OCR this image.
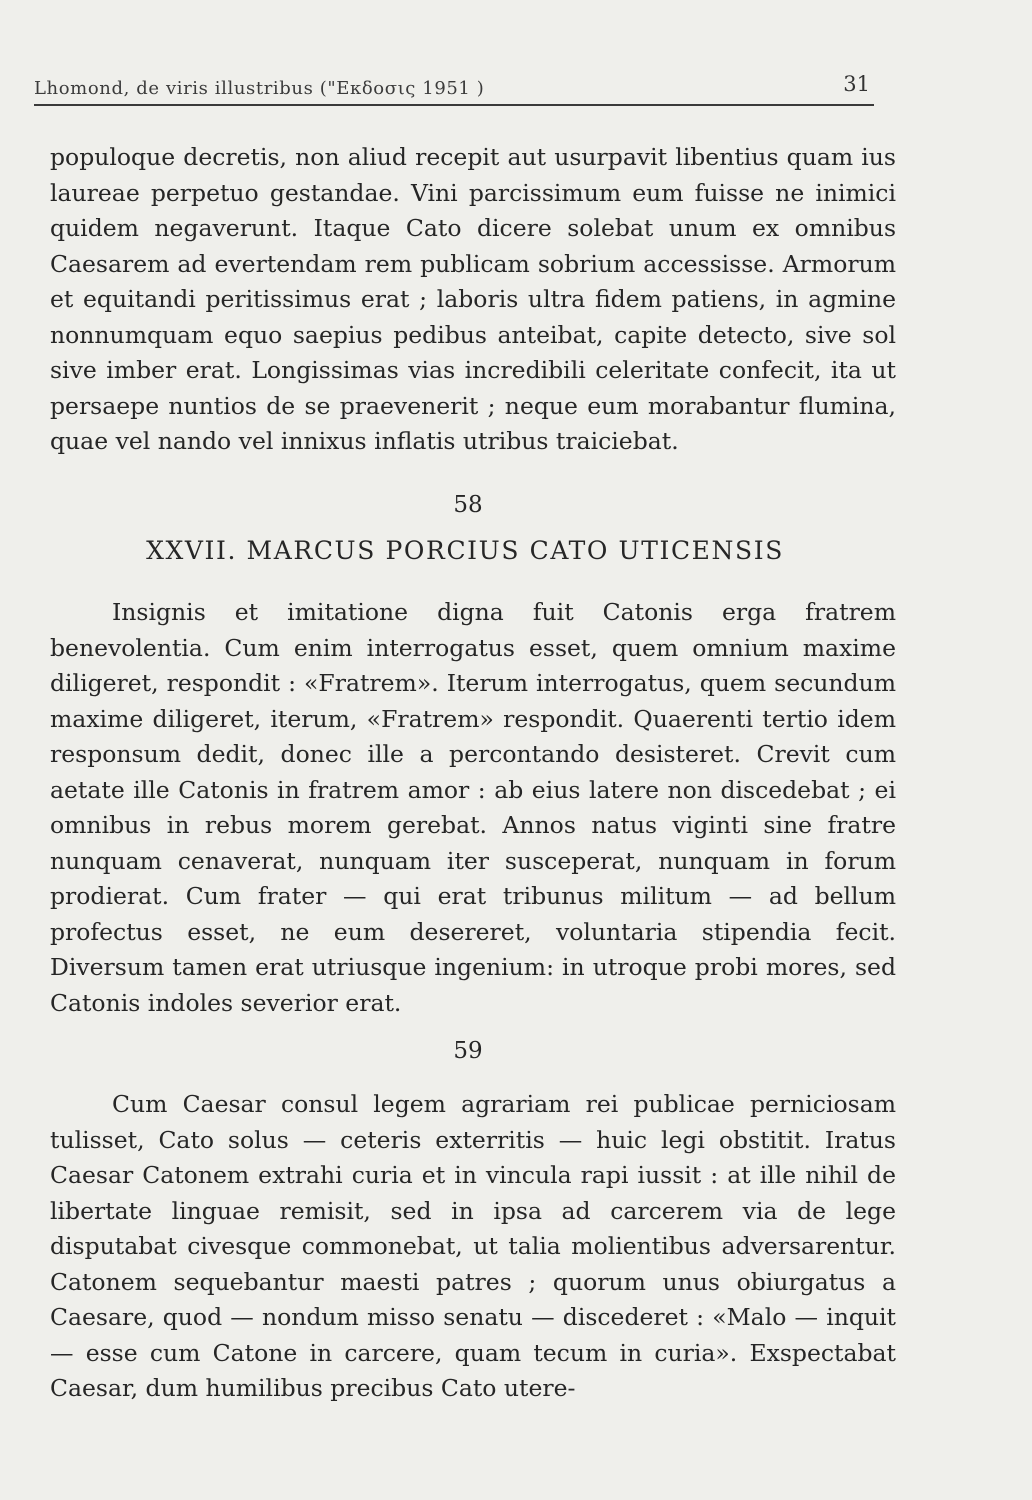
Lhomond, de viris illustribus ("Εκδοσις 1951 )	31

populoque decretis, non aliud recepit aut usurpavit libentius quam ius laureae perpetuo gestandae. Vini parcissimum eum fuisse ne inimici quidem negaverunt. Itaque Cato dicere solebat unum ex omnibus Caesarem ad evertendam rem publicam sobrium accessisse. Armorum et equitandi peritissimus erat ; laboris ultra fidem patiens, in agmine nonnumquam equo saepius pedibus anteibat, capite detecto, sive sol sive imber erat. Longissimas vias incredibili celeritate confecit, ita ut persaepe nuntios de se praevenerit ; neque eum morabantur flumina, quae vel nando vel innixus inflatis utribus traiciebat.

58
XXVII. MARCUS PORCIUS CATO UTICENSIS

Insignis et imitatione digna fuit Catonis erga fratrem benevolentia. Cum enim interrogatus esset, quem omnium maxime diligeret, respondit : «Fratrem». Iterum interrogatus, quem secundum maxime diligeret, iterum, «Fratrem» respondit. Quaerenti tertio idem responsum dedit, donec ille a percontando desisteret. Crevit cum aetate ille Catonis in fratrem amor : ab eius latere non discedebat ; ei omnibus in rebus morem gerebat. Annos natus viginti sine fratre nunquam cenaverat, nunquam iter susceperat, nunquam in forum prodierat. Cum frater — qui erat tribunus militum — ad bellum profectus esset, ne eum desereret, voluntaria stipendia fecit. Diversum tamen erat utriusque ingenium: in utroque probi mores, sed Catonis indoles severior erat.

59

Cum Caesar consul legem agrariam rei publicae perniciosam tulisset, Cato solus — ceteris exterritis — huic legi obstitit. Iratus Caesar Catonem extrahi curia et in vincula rapi iussit : at ille nihil de libertate linguae remisit, sed in ipsa ad carcerem via de lege disputabat civesque commonebat, ut talia molientibus adversarentur. Catonem sequebantur maesti patres ; quorum unus obiurgatus a Caesare, quod — nondum misso senatu — discederet : «Malo — inquit — esse cum Catone in carcere, quam tecum in curia». Exspectabat Caesar, dum humilibus precibus Cato utere-
